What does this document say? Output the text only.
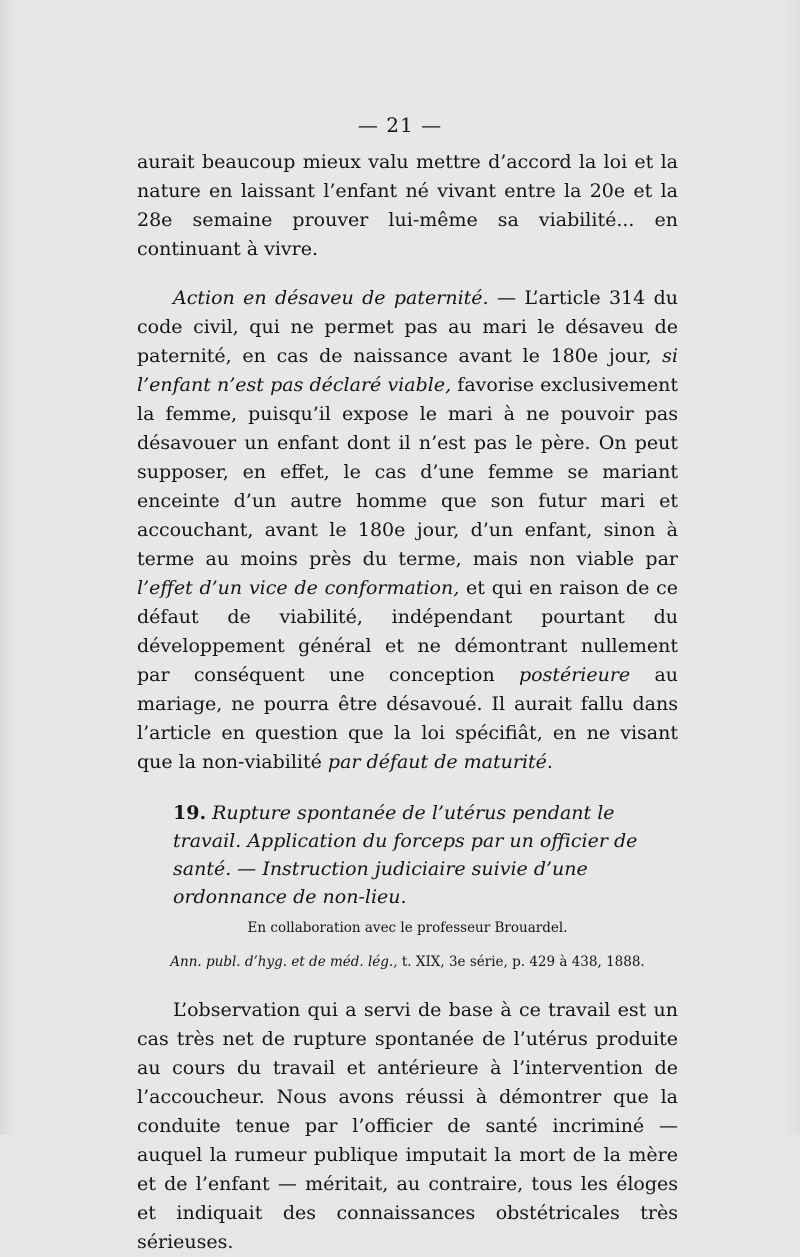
— 21 —

aurait beaucoup mieux valu mettre d’accord la loi et la nature en laissant l’enfant né vivant entre la 20e et la 28e semaine prouver lui-même sa viabilité... en continuant à vivre.

Action en désaveu de paternité. — L’article 314 du code civil, qui ne permet pas au mari le désaveu de paternité, en cas de naissance avant le 180e jour, si l’enfant n’est pas déclaré viable, favorise exclusivement la femme, puisqu’il expose le mari à ne pouvoir pas désavouer un enfant dont il n’est pas le père. On peut supposer, en effet, le cas d’une femme se mariant enceinte d’un autre homme que son futur mari et accouchant, avant le 180e jour, d’un enfant, sinon à terme au moins près du terme, mais non viable par l’effet d’un vice de conformation, et qui en raison de ce défaut de viabilité, indépendant pourtant du développement général et ne démontrant nullement par conséquent une conception postérieure au mariage, ne pourra être désavoué. Il aurait fallu dans l’article en question que la loi spécifiât, en ne visant que la non-viabilité par défaut de maturité.

19. Rupture spontanée de l’utérus pendant le travail. Application du forceps par un officier de santé. — Instruction judiciaire suivie d’une ordonnance de non-lieu.
En collaboration avec le professeur Brouardel.
Ann. publ. d’hyg. et de méd. lég., t. XIX, 3e série, p. 429 à 438, 1888.

L’observation qui a servi de base à ce travail est un cas très net de rupture spontanée de l’utérus produite au cours du travail et antérieure à l’intervention de l’accoucheur. Nous avons réussi à démontrer que la conduite tenue par l’officier de santé incriminé — auquel la rumeur publique imputait la mort de la mère et de l’enfant — méritait, au contraire, tous les éloges et indiquait des connaissances obstétricales très sérieuses.
